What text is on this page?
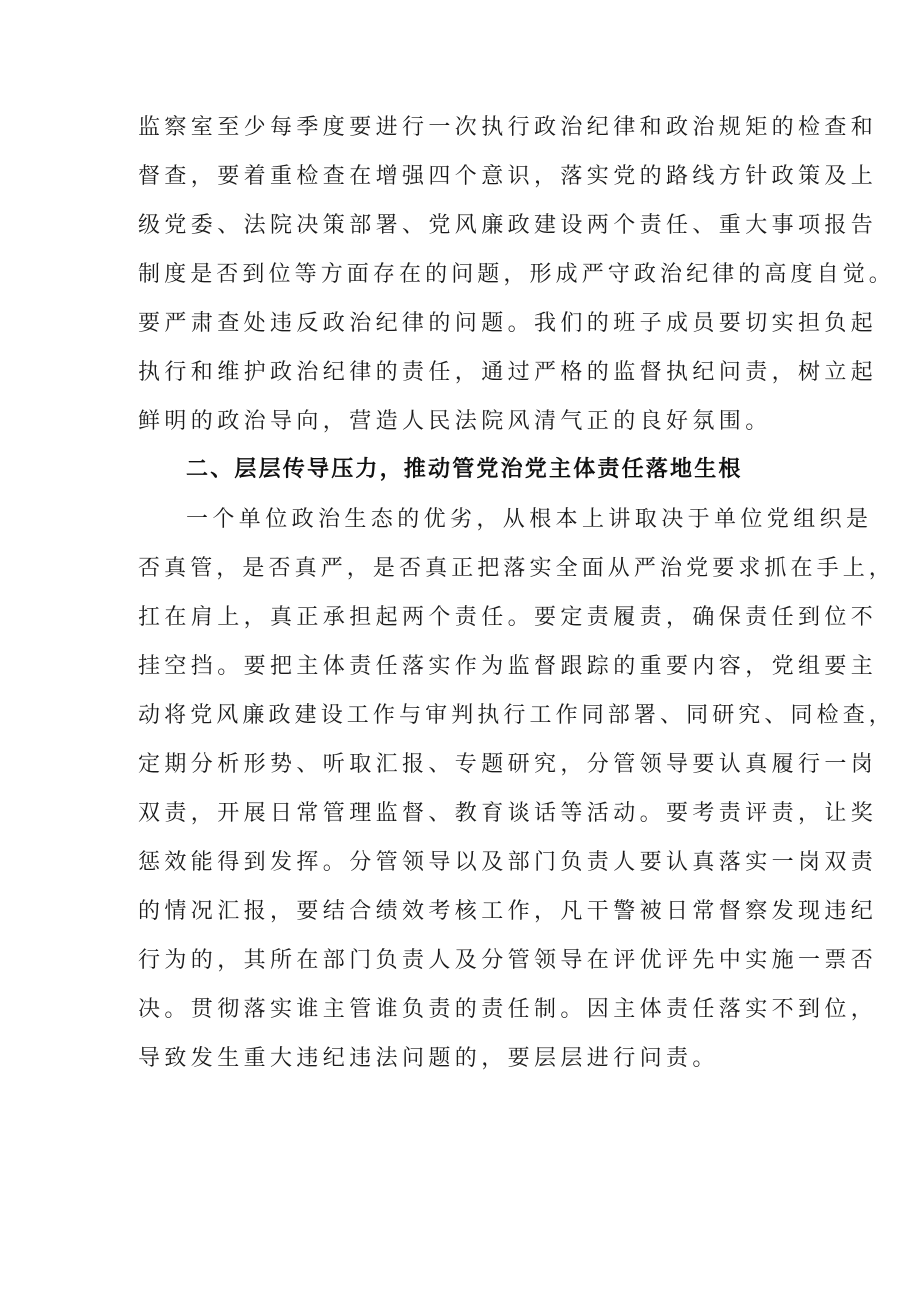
监察室至少每季度要进行一次执行政治纪律和政治规矩的检查和
督查，要着重检查在增强四个意识，落实党的路线方针政策及上
级党委、法院决策部署、党风廉政建设两个责任、重大事项报告
制度是否到位等方面存在的问题，形成严守政治纪律的高度自觉。
要严肃查处违反政治纪律的问题。我们的班子成员要切实担负起
执行和维护政治纪律的责任，通过严格的监督执纪问责，树立起
鲜明的政治导向，营造人民法院风清气正的良好氛围。
二、层层传导压力，推动管党治党主体责任落地生根
一个单位政治生态的优劣，从根本上讲取决于单位党组织是
否真管，是否真严，是否真正把落实全面从严治党要求抓在手上，
扛在肩上，真正承担起两个责任。要定责履责，确保责任到位不
挂空挡。要把主体责任落实作为监督跟踪的重要内容，党组要主
动将党风廉政建设工作与审判执行工作同部署、同研究、同检查，
定期分析形势、听取汇报、专题研究，分管领导要认真履行一岗
双责，开展日常管理监督、教育谈话等活动。要考责评责，让奖
惩效能得到发挥。分管领导以及部门负责人要认真落实一岗双责
的情况汇报，要结合绩效考核工作，凡干警被日常督察发现违纪
行为的，其所在部门负责人及分管领导在评优评先中实施一票否
决。贯彻落实谁主管谁负责的责任制。因主体责任落实不到位，
导致发生重大违纪违法问题的，要层层进行问责。
